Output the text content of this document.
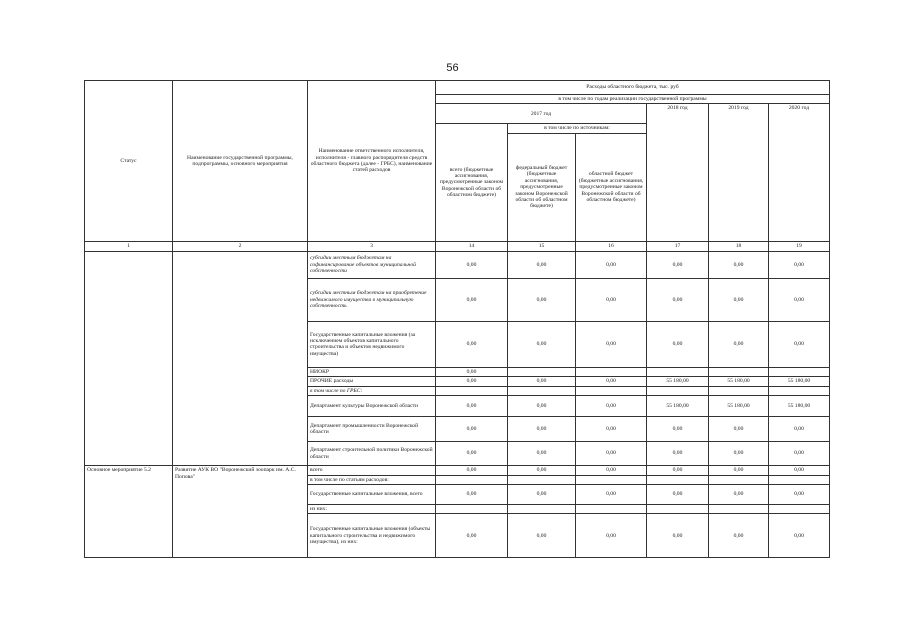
56
Статус	Наименование государственной программы, подпрограммы, основного мероприятия	Наименование ответственного исполнителя, исполнителя - главного распорядителя средств областного бюджета (далее - ГРБС), наименование статей расходов	Расходы областного бюджета, тыс. руб					
			в том числе по годам реализации государственной программы					
			2017 год			2018 год	2019 год	2020 год
			всего (бюджетные ассигнования, предусмотренные законом Воронежской области об областном бюджете)	в том числе по источникам:				
				федеральный бюджет (бюджетные ассигнования, предусмотренные законом Воронежской области об областном бюджете)	областной бюджет (бюджетные ассигнования, предусмотренные законом Воронежской области об областном бюджете)			
1	2	3	14	15	16	17	18	19
		субсидии местным бюджетам на софинансирование объектов муниципальной собственности	0,00	0,00	0,00	0,00	0,00	0,00
		субсидии местным бюджетам на приобретение недвижимого имущества в муниципальную собственность	0,00	0,00	0,00	0,00	0,00	0,00
		Государственные капитальные вложения (за исключением объектов капитального строительства и объектов недвижимого имущества)	0,00	0,00	0,00	0,00	0,00	0,00
		НИОКР	0,00					
		ПРОЧИЕ расходы	0,00	0,00	0,00	55 180,00	55 180,00	55 180,00
		в том числе по ГРБС:						
		Департамент культуры Воронежской области	0,00	0,00	0,00	55 180,00	55 180,00	55 180,00
		Департамент промышленности Воронежской области	0,00	0,00	0,00	0,00	0,00	0,00
		Департамент строительной политики Воронежской области	0,00	0,00	0,00	0,00	0,00	0,00
Основное мероприятие 5.2	Развитие АУК ВО "Воронежский зоопарк им. А.С. Попова"	всего	0,00	0,00	0,00	0,00	0,00	0,00
		в том числе по статьям расходов:						
		Государственные капитальные вложения, всего	0,00	0,00	0,00	0,00	0,00	0,00
		из них:						
		Государственные капитальные вложения (объекты капитального строительства и недвижимого имущества), из них:	0,00	0,00	0,00	0,00	0,00	0,00
